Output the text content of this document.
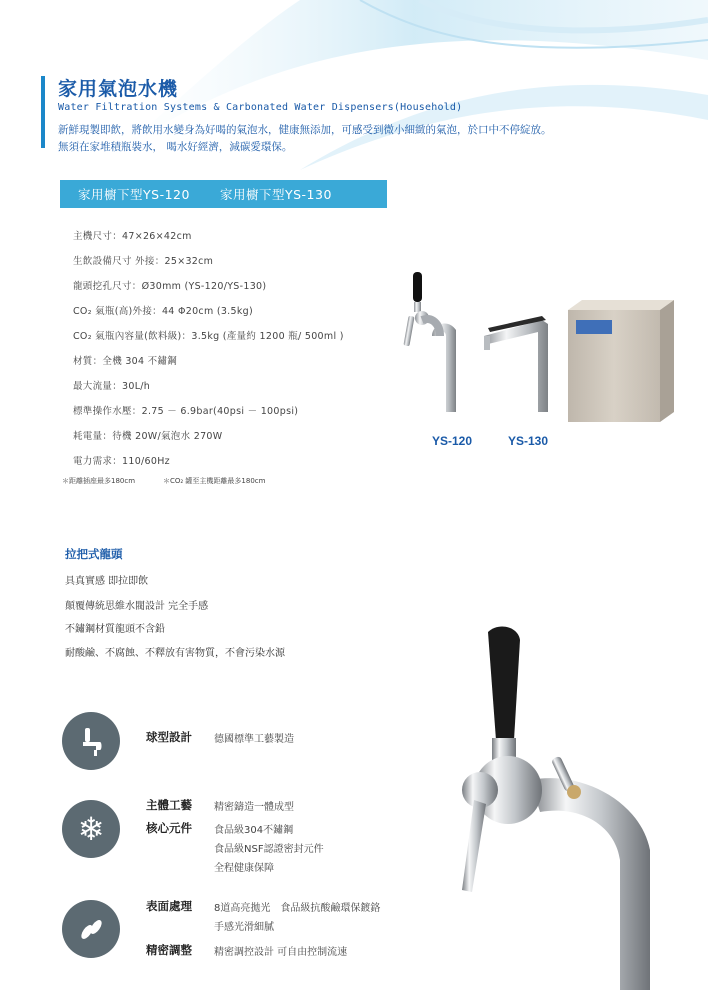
家用氣泡水機
Water Filtration Systems & Carbonated Water Dispensers(Household)
新鮮現製即飲，將飲用水變身為好喝的氣泡水，健康無添加，可感受到微小細緻的氣泡，於口中不停綻放。
無須在家堆積瓶裝水， 喝水好經濟，減碳愛環保。
家用櫥下型YS-120 家用櫥下型YS-130
主機尺寸：47×26×42cm
生飲設備尺寸 外接：25×32cm
龍頭挖孔尺寸：Ø30mm (YS-120/YS-130)
CO₂ 氣瓶(高)外接：44 Φ20cm (3.5kg)
CO₂ 氣瓶內容量(飲料級)：3.5kg (產量約 1200 瓶/ 500ml )
材質：全機 304 不鏽鋼
最大流量：30L/h
標準操作水壓：2.75 － 6.9bar(40psi － 100psi)
耗電量：待機 20W/氣泡水 270W
電力需求：110/60Hz
＊距離插座最多180cm	＊CO₂ 罐至主機距離最多180cm
YS-120	YS-130
拉把式龍頭
具真實感 即拉即飲
顛覆傳統思維水閥設計 完全手感
不鏽鋼材質龍頭不含鉛
耐酸鹼、不腐蝕、不釋放有害物質，不會污染水源
❄
球型設計 德國標準工藝製造
主體工藝 精密鑄造一體成型
核心元件 食品級304不鏽鋼
食品級NSF認證密封元件
全程健康保障
表面處理 8道高亮拋光　食品級抗酸鹼環保鍍鉻
手感光滑細膩
精密調整 精密調控設計 可自由控制流速
